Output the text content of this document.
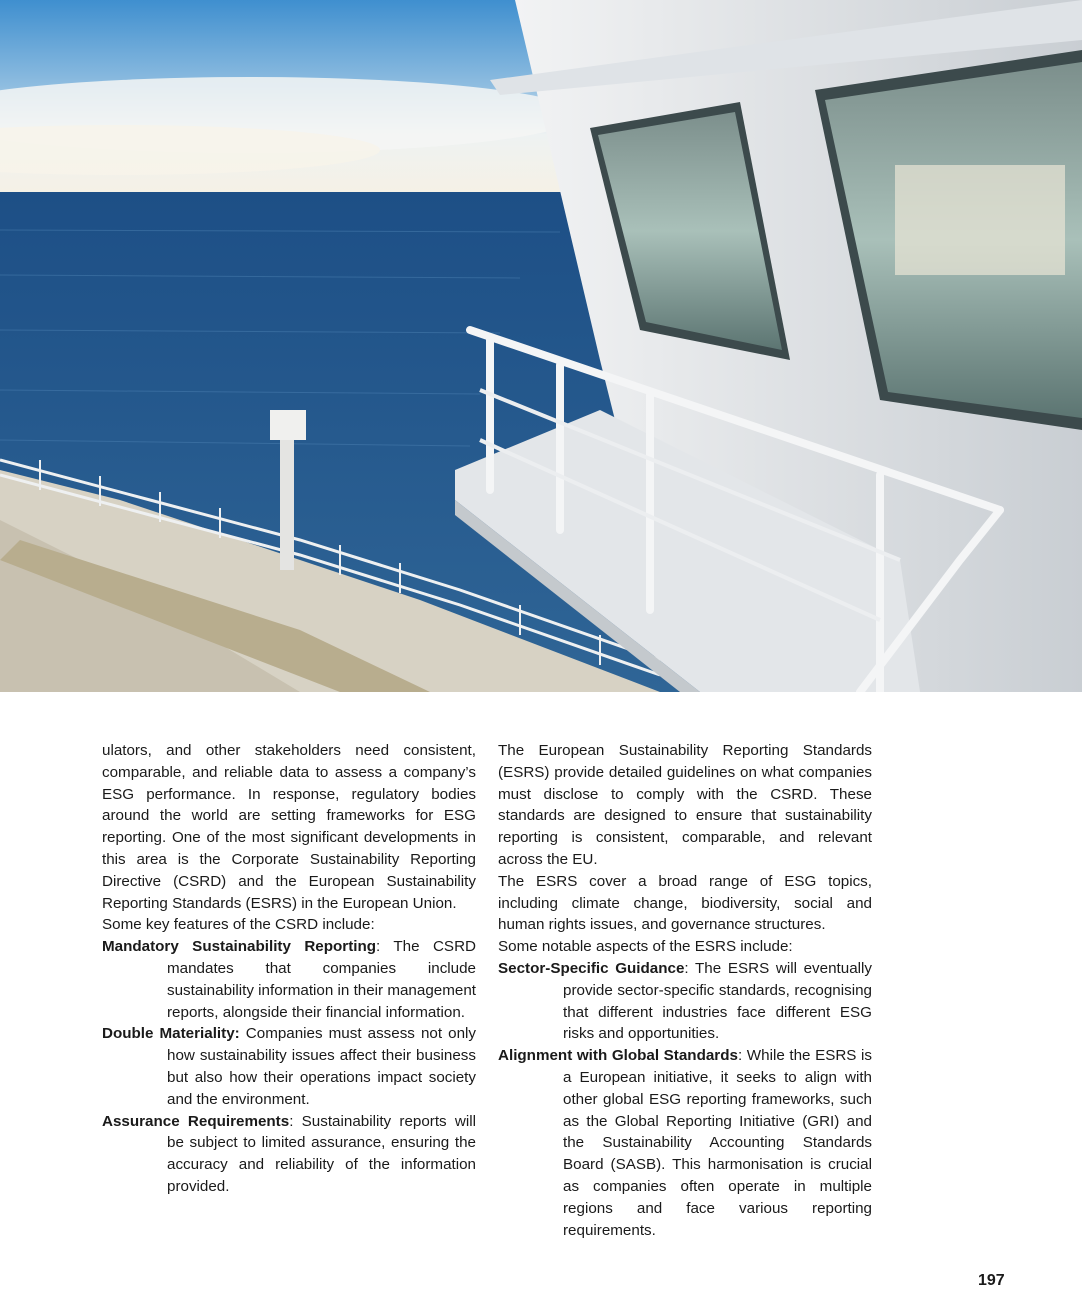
ulators, and other stakeholders need consistent, comparable, and reliable data to assess a company’s ESG performance. In response, regulatory bodies around the world are setting frameworks for ESG reporting. One of the most significant developments in this area is the Corporate Sustainability Reporting Directive (CSRD) and the European Sustainability Reporting Standards (ESRS) in the European Union.

Some key features of the CSRD include:

Mandatory Sustainability Reporting: The CSRD mandates that companies include sustainability information in their management reports, alongside their financial information.

Double Materiality: Companies must assess not only how sustainability issues affect their business but also how their operations impact society and the environment.

Assurance Requirements: Sustainability reports will be subject to limited assurance, ensuring the accuracy and reliability of the information provided.

The European Sustainability Reporting Standards (ESRS) provide detailed guidelines on what companies must disclose to comply with the CSRD. These standards are designed to ensure that sustainability reporting is consistent, comparable, and relevant across the EU.

The ESRS cover a broad range of ESG topics, including climate change, biodiversity, social and human rights issues, and governance structures.

Some notable aspects of the ESRS include:

Sector-Specific Guidance: The ESRS will eventually provide sector-specific standards, recognising that different industries face different ESG risks and opportunities.

Alignment with Global Standards: While the ESRS is a European initiative, it seeks to align with other global ESG reporting frameworks, such as the Global Reporting Initiative (GRI) and the Sustainability Accounting Standards Board (SASB). This harmonisation is crucial as companies often operate in multiple regions and face various reporting requirements.

197
